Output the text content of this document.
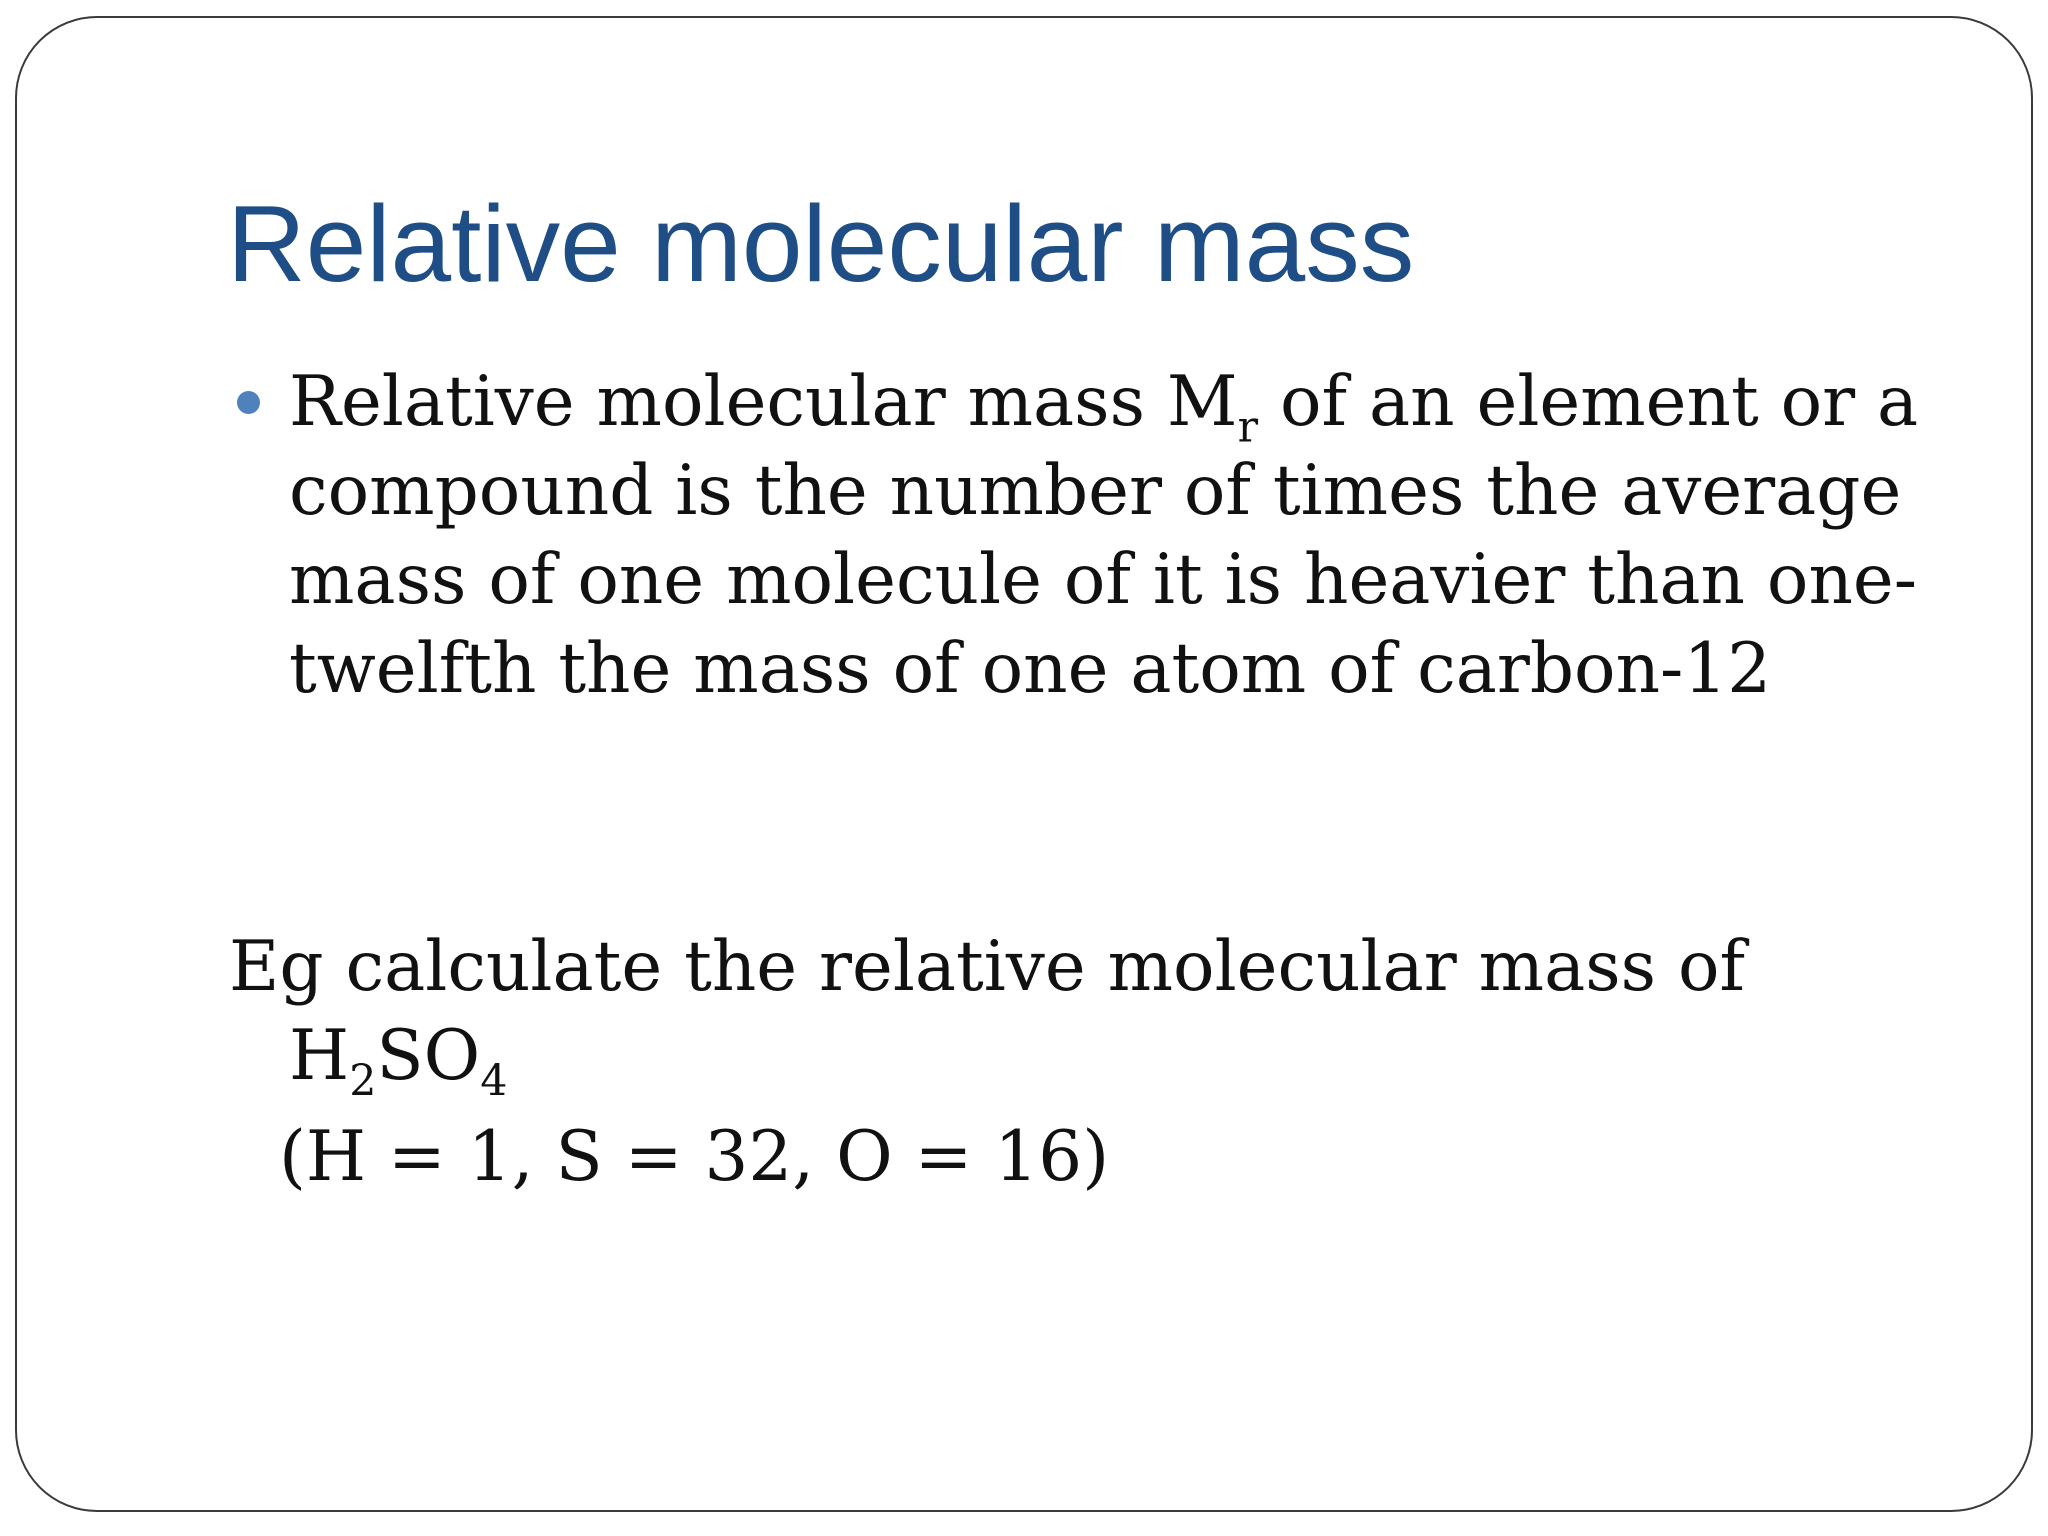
Relative molecular mass

Relative molecular mass $M_r$ of an element or a compound is the number of times the average mass of one molecule of it is heavier than one-twelfth the mass of one atom of carbon-12

Eg calculate the relative molecular mass of

$H_2SO_4$

(H = 1, S = 32, O = 16)
